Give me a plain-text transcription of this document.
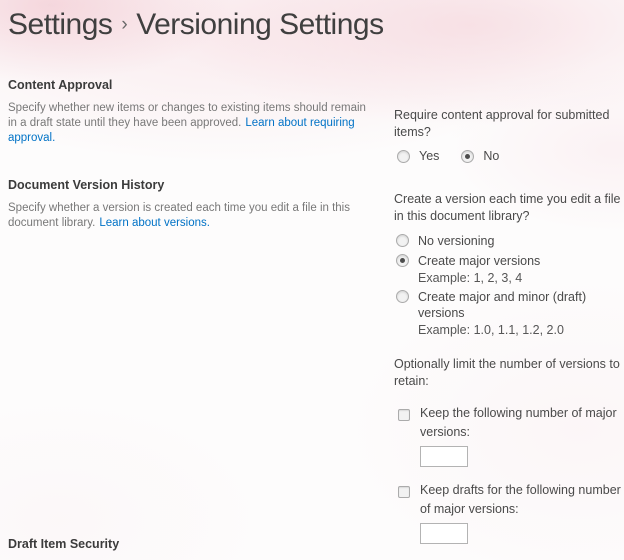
Settings › Versioning Settings
Content Approval
Specify whether new items or changes to existing items should remain in a draft state until they have been approved. Learn about requiring approval.
Require content approval for submitted items?
Yes	No
Document Version History
Specify whether a version is created each time you edit a file in this document library. Learn about versions.
Create a version each time you edit a file in this document library?
No versioning
Create major versions
Example: 1, 2, 3, 4
Create major and minor (draft) versions
Example: 1.0, 1.1, 1.2, 2.0
Optionally limit the number of versions to retain:
Keep the following number of major versions:
Keep drafts for the following number of major versions:
Draft Item Security
